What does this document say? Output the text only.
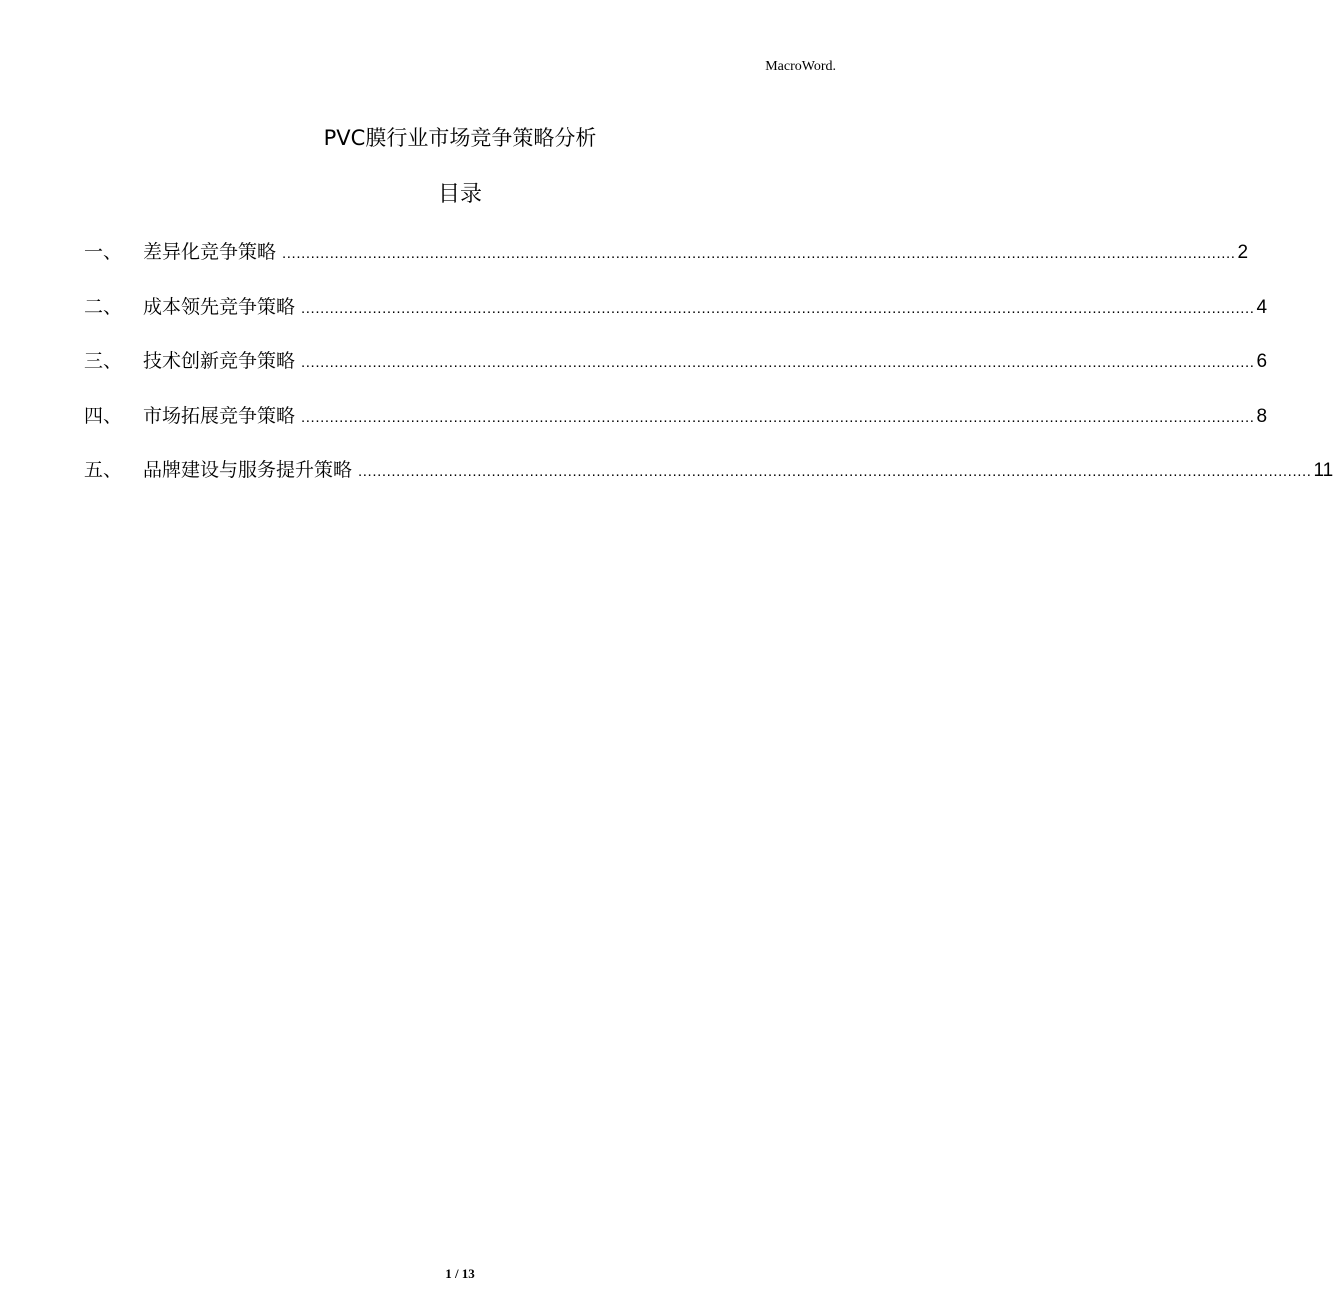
MacroWord.
PVC膜行业市场竞争策略分析
目录
一、	差异化竞争策略 ........................................................................................................................................................................................................ 2
二、	成本领先竞争策略 ........................................................................................................................................................................................................ 4
三、	技术创新竞争策略 ........................................................................................................................................................................................................ 6
四、	市场拓展竞争策略 ........................................................................................................................................................................................................ 8
五、	品牌建设与服务提升策略 ........................................................................................................................................................................................................ 11
1 / 13
